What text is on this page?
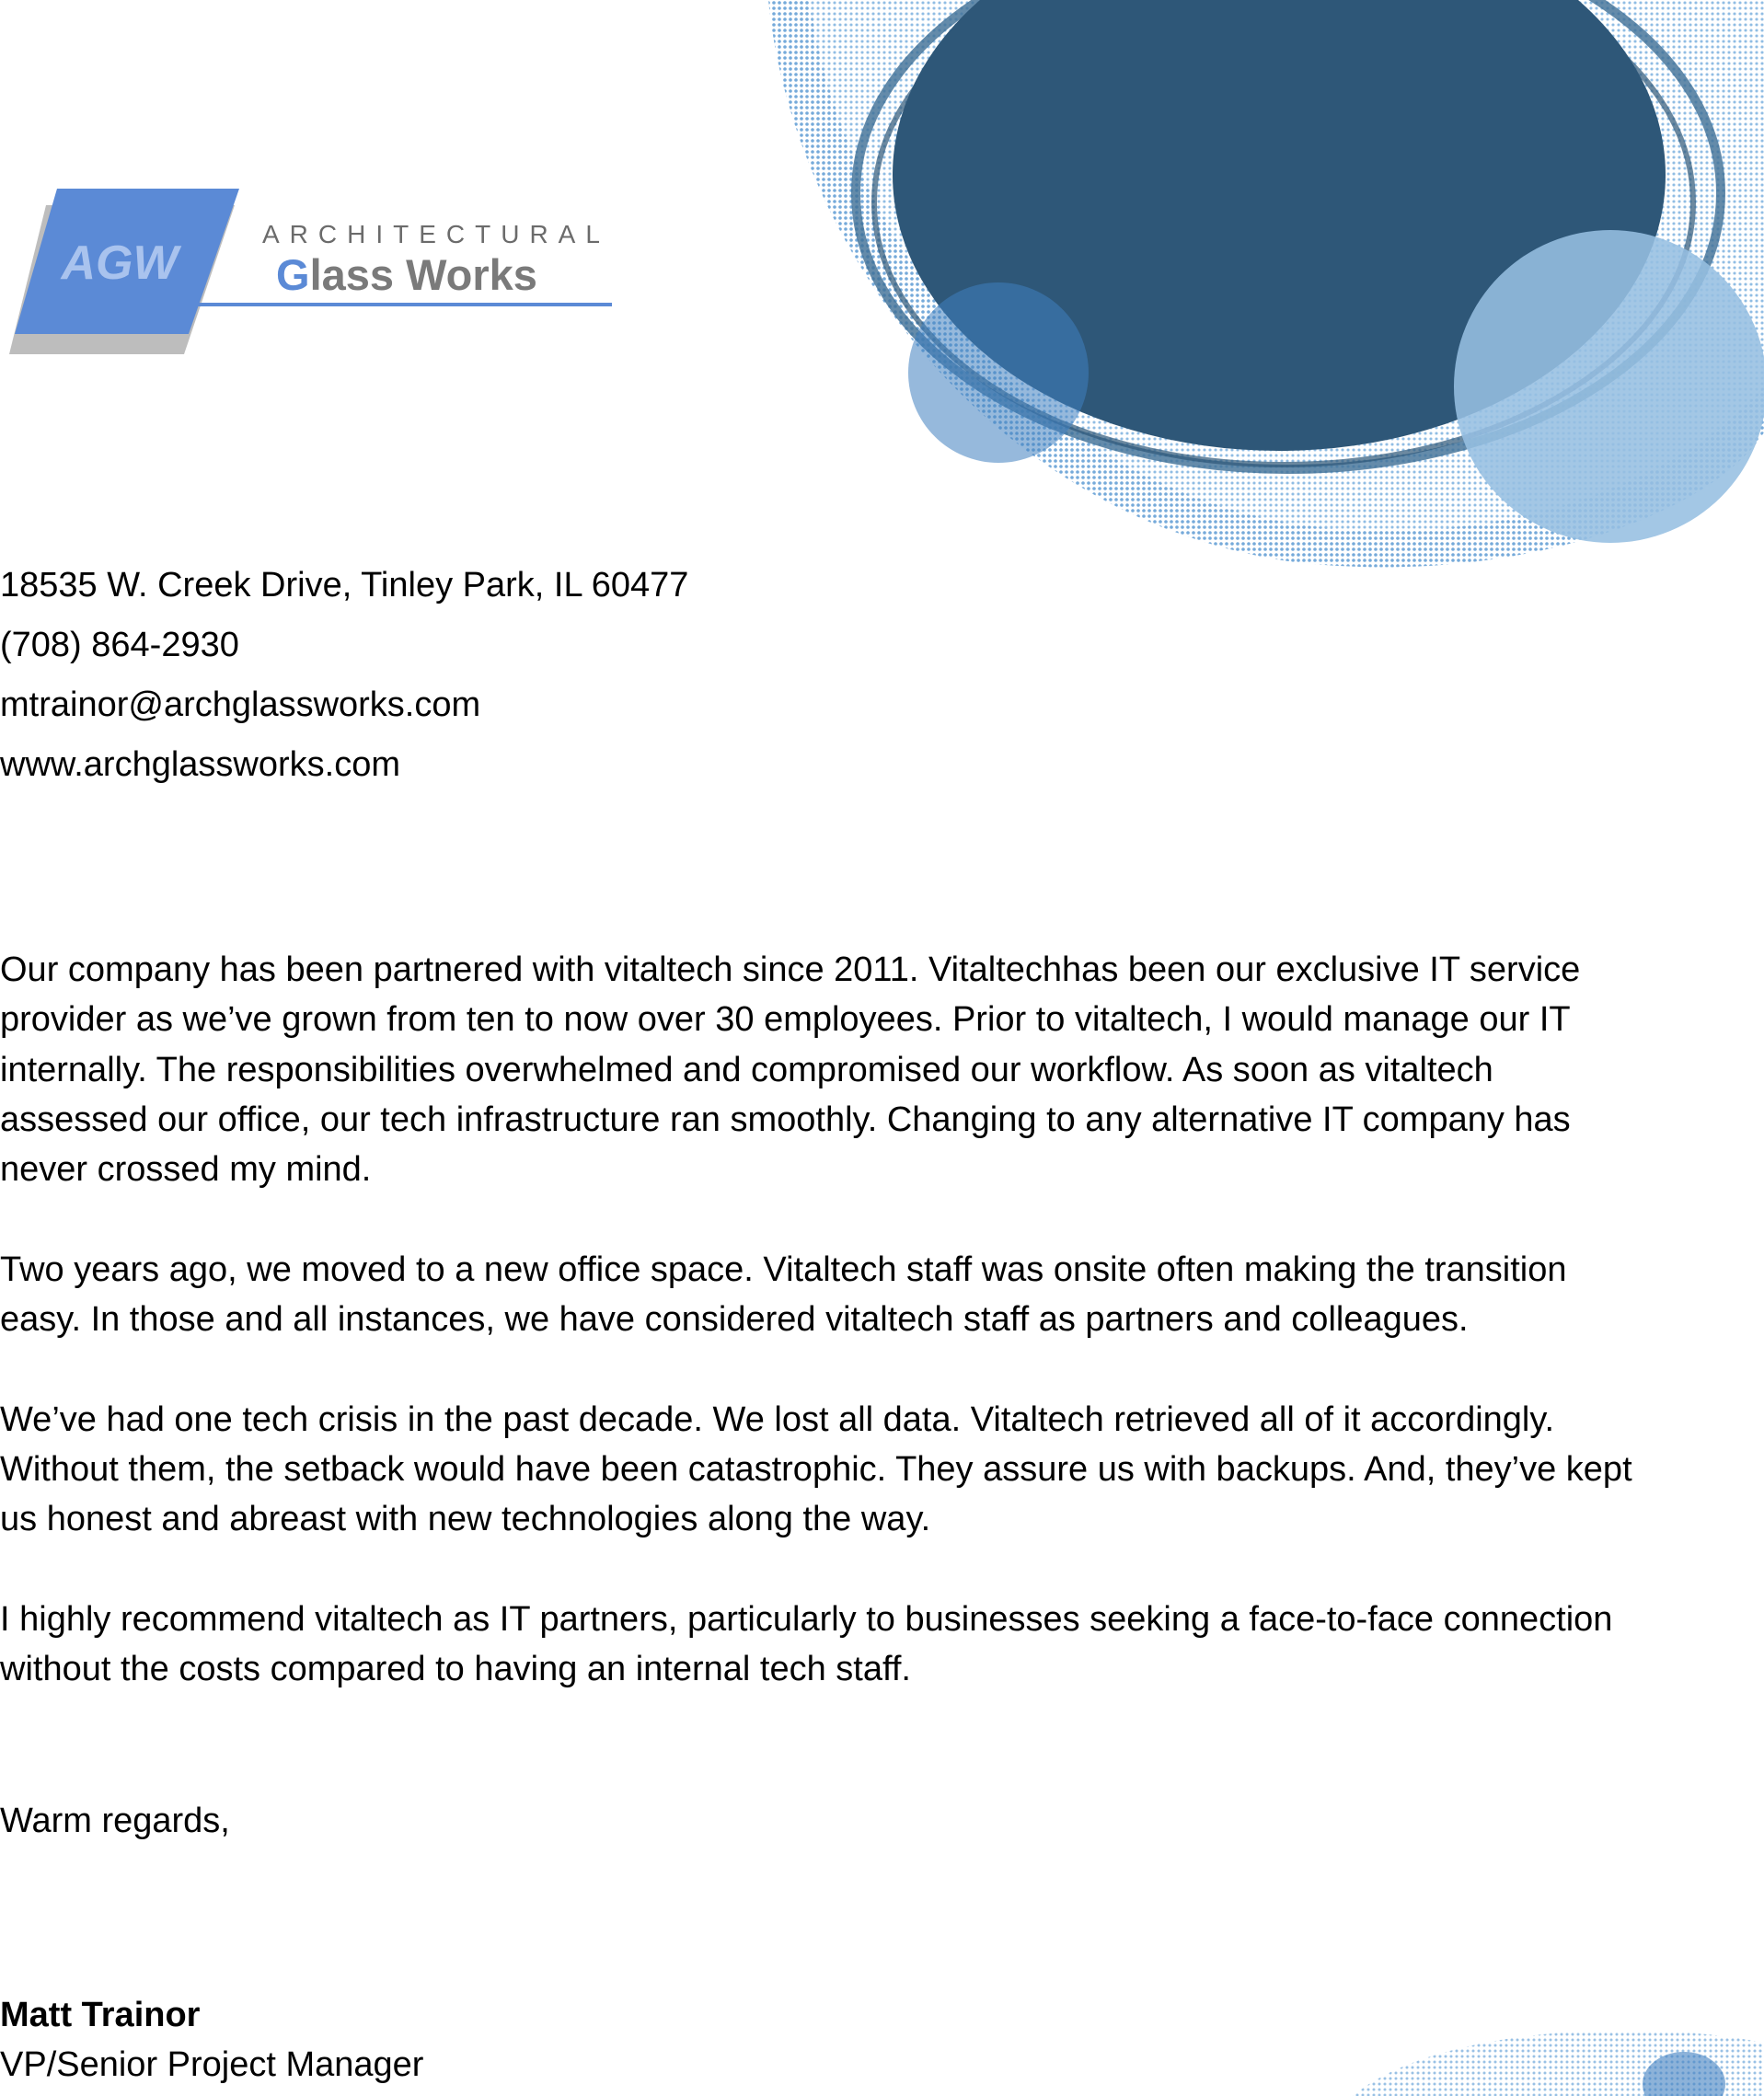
AGW
ARCHITECTURAL
Glass Works
18535 W. Creek Drive, Tinley Park, IL 60477
(708) 864-2930
mtrainor@archglassworks.com
www.archglassworks.com

Our company has been partnered with vitaltech since 2011. Vitaltechhas been our exclusive IT service provider as we’ve grown from ten to now over 30 employees. Prior to vitaltech, I would manage our IT internally. The responsibilities overwhelmed and compromised our workflow. As soon as vitaltech assessed our office, our tech infrastructure ran smoothly. Changing to any alternative IT company has never crossed my mind.

Two years ago, we moved to a new office space. Vitaltech staff was onsite often making the transition easy. In those and all instances, we have considered vitaltech staff as partners and colleagues.

We’ve had one tech crisis in the past decade. We lost all data. Vitaltech retrieved all of it accordingly. Without them, the setback would have been catastrophic. They assure us with backups. And, they’ve kept us honest and abreast with new technologies along the way.

I highly recommend vitaltech as IT partners, particularly to businesses seeking a face-to-face connection without the costs compared to having an internal tech staff.

Warm regards,

Matt Trainor
VP/Senior Project Manager
